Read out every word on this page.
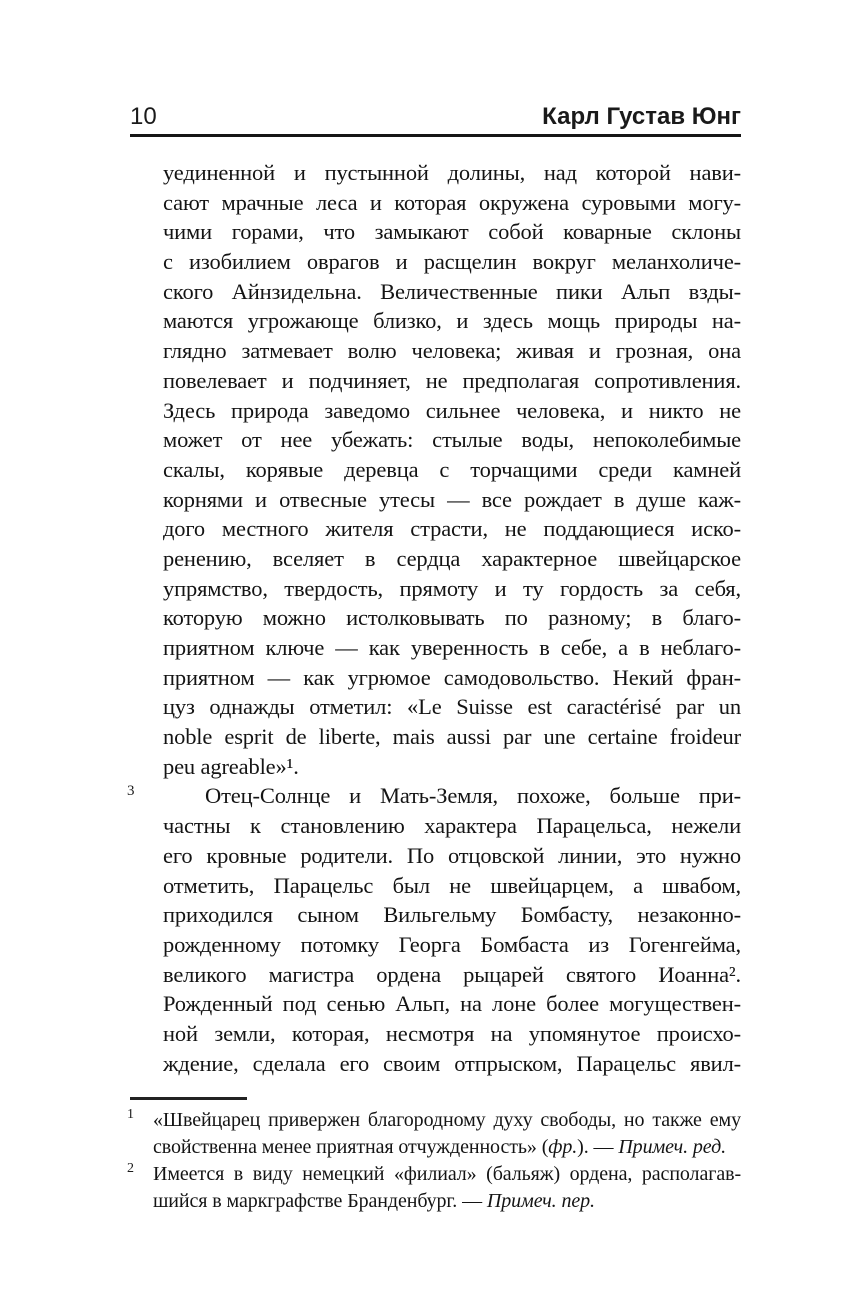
10	Карл Густав Юнг
уединенной и пустынной долины, над которой нави-
сают мрачные леса и которая окружена суровыми могу-
чими горами, что замыкают собой коварные склоны
с изобилием оврагов и расщелин вокруг меланхоличе-
ского Айнзидельна. Величественные пики Альп взды-
маются угрожающе близко, и здесь мощь природы на-
глядно затмевает волю человека; живая и грозная, она
повелевает и подчиняет, не предполагая сопротивления.
Здесь природа заведомо сильнее человека, и никто не
может от нее убежать: стылые воды, непоколебимые
скалы, корявые деревца с торчащими среди камней
корнями и отвесные утесы — все рождает в душе каж-
дого местного жителя страсти, не поддающиеся иско-
ренению, вселяет в сердца характерное швейцарское
упрямство, твердость, прямоту и ту гордость за себя,
которую можно истолковывать по разному; в благо-
приятном ключе — как уверенность в себе, а в неблаго-
приятном — как угрюмое самодовольство. Некий фран-
цуз однажды отметил: «Le Suisse est caractérisé par un
noble esprit de liberte, mais aussi par une certaine froideur
peu agreable»¹.
3	Отец-Солнце и Мать-Земля, похоже, больше при-
частны к становлению характера Парацельса, нежели
его кровные родители. По отцовской линии, это нужно
отметить, Парацельс был не швейцарцем, а швабом,
приходился сыном Вильгельму Бомбасту, незаконно-
рожденному потомку Георга Бомбаста из Гогенгейма,
великого магистра ордена рыцарей святого Иоанна².
Рожденный под сенью Альп, на лоне более могуществен-
ной земли, которая, несмотря на упомянутое происхо-
ждение, сделала его своим отпрыском, Парацельс явил-
1 «Швейцарец привержен благородному духу свободы, но также ему
свойственна менее приятная отчужденность» (фр.). — Примеч. ред.
2 Имеется в виду немецкий «филиал» (бальяж) ордена, располагав-
шийся в маркграфстве Бранденбург. — Примеч. пер.
